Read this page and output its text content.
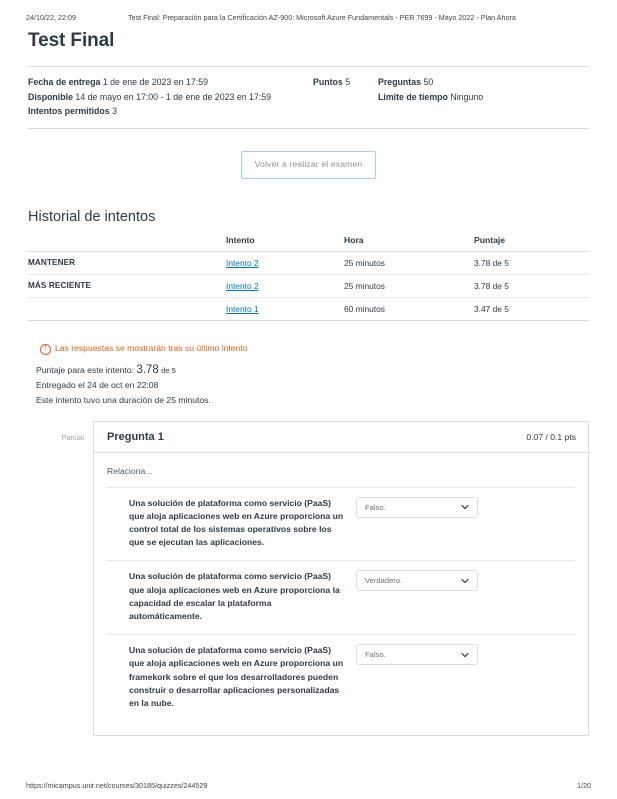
24/10/22, 22:09	Test Final: Preparación para la Certificación AZ-900: Microsoft Azure Fundamentals - PER 7699 - Mayo 2022 - Plan Ahora
Test Final
Fecha de entrega 1 de ene de 2023 en 17:59	Puntos 5	Preguntas 50
Disponible 14 de mayo en 17:00 - 1 de ene de 2023 en 17:59	Limite de tiempo Ninguno
Intentos permitidos 3
Volver a realizar el examen
Historial de intentos
	Intento	Hora	Puntaje
MANTENER	Intento 2	25 minutos	3.78 de 5
MÁS RECIENTE	Intento 2	25 minutos	3.78 de 5
	Intento 1	60 minutos	3.47 de 5
!
Las respuestas se mostrarán tras su último intento
Puntaje para este intento: 3.78 de 5
Entregado el 24 de oct en 22:08
Este intento tuvo una duración de 25 minutos.
Parcial	Pregunta 1	0.07 / 0.1 pts
Relaciona...
Una solución de plataforma como servicio (PaaS) que aloja aplicaciones web en Azure proporciona un control total de los sistemas operativos sobre los que se ejecutan las aplicaciones.
Falso.
Una solución de plataforma como servicio (PaaS) que aloja aplicaciones web en Azure proporciona la capacidad de escalar la plataforma automáticamente.
Verdadero.
Una solución de plataforma como servicio (PaaS) que aloja aplicaciones web en Azure proporciona un framekork sobre el que los desarrolladores pueden construir o desarrollar aplicaciones personalizadas en la nube.
Falso.
https://micampus.unir.net/courses/30185/quizzes/244529	1/20
